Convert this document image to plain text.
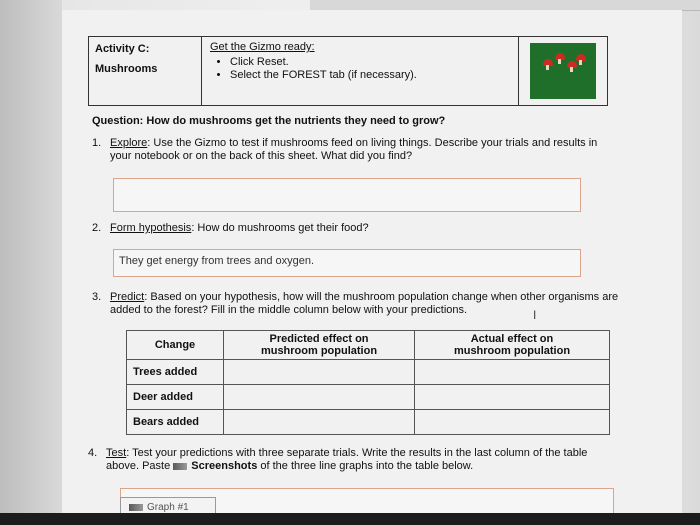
Activity C:
Mushrooms
Get the Gizmo ready:
• Click Reset.
• Select the FOREST tab (if necessary).
Question: How do mushrooms get the nutrients they need to grow?
1. Explore: Use the Gizmo to test if mushrooms feed on living things. Describe your trials and results in
your notebook or on the back of this sheet. What did you find?
2. Form hypothesis: How do mushrooms get their food?
They get energy from trees and oxygen.
3. Predict: Based on your hypothesis, how will the mushroom population change when other organisms are
added to the forest? Fill in the middle column below with your predictions.	I
Change	Predicted effect on
mushroom population	Actual effect on
mushroom population
Trees added		
Deer added		
Bears added		
4. Test: Test your predictions with three separate trials. Write the results in the last column of the table
above. Paste Screenshots of the three line graphs into the table below.
Graph #1
